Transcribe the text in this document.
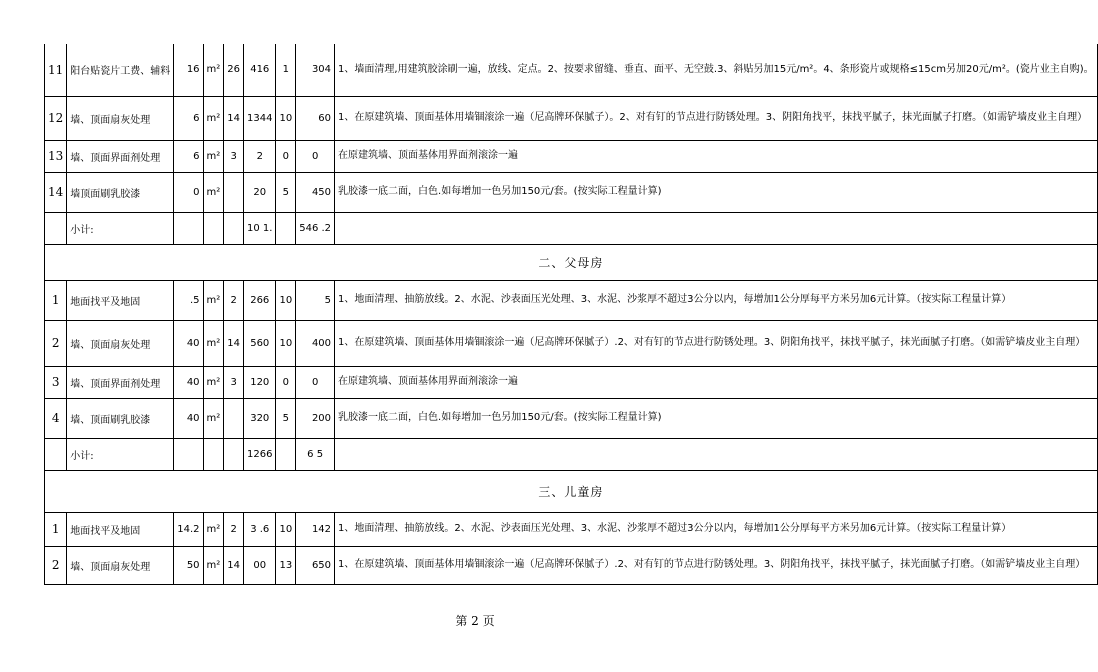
11	阳台贴瓷片工费、辅料	16	m²	26	416	1	304	1、墙面清理,用建筑胶涂刷一遍，放线、定点。2、按要求留缝、垂直、面平、无空鼓.3、斜贴另加15元/m²。4、条形瓷片或规格≤15cm另加20元/m²。(瓷片业主自购)。
12	墙、顶面扇灰处理	6	m²	14	1344	10	60	1、在原建筑墙、顶面基体用墙锢滚涂一遍（尼高牌环保腻子）。2、对有钉的节点进行防锈处理。3、阴阳角找平，抹找平腻子，抹光面腻子打磨。（如需铲墙皮业主自理）
13	墙、顶面界面剂处理	6	m²	3	2	0	0	在原建筑墙、顶面基体用界面剂滚涂一遍
14	墙顶面刷乳胶漆	0	m²		20	5	450	乳胶漆一底二面，白色.如每增加一色另加150元/套。(按实际工程量计算)
	小计:				10 1.		546 .2	
二、父母房								
1	地面找平及地固	.5	m²	2	266	10	5	1、地面清理、抽筋放线。2、水泥、沙表面压光处理、3、水泥、沙浆厚不超过3公分以内，每增加1公分厚每平方米另加6元计算。（按实际工程量计算）
2	墙、顶面扇灰处理	40	m²	14	560	10	400	1、在原建筑墙、顶面基体用墙锢滚涂一遍（尼高牌环保腻子）.2、对有钉的节点进行防锈处理。3、阴阳角找平，抹找平腻子，抹光面腻子打磨。（如需铲墙皮业主自理）
3	墙、顶面界面剂处理	40	m²	3	120	0	0	在原建筑墙、顶面基体用界面剂滚涂一遍
4	墙、顶面刷乳胶漆	40	m²		320	5	200	乳胶漆一底二面，白色.如每增加一色另加150元/套。(按实际工程量计算)
	小计:				1266		6 5	
三、儿童房								
1	地面找平及地固	14.2	m²	2	3 .6	10	142	1、地面清理、抽筋放线。2、水泥、沙表面压光处理、3、水泥、沙浆厚不超过3公分以内，每增加1公分厚每平方米另加6元计算。（按实际工程量计算）
2	墙、顶面扇灰处理	50	m²	14	00	13	650	1、在原建筑墙、顶面基体用墙锢滚涂一遍（尼高牌环保腻子）.2、对有钉的节点进行防锈处理。3、阴阳角找平，抹找平腻子，抹光面腻子打磨。（如需铲墙皮业主自理）
第 2 页
